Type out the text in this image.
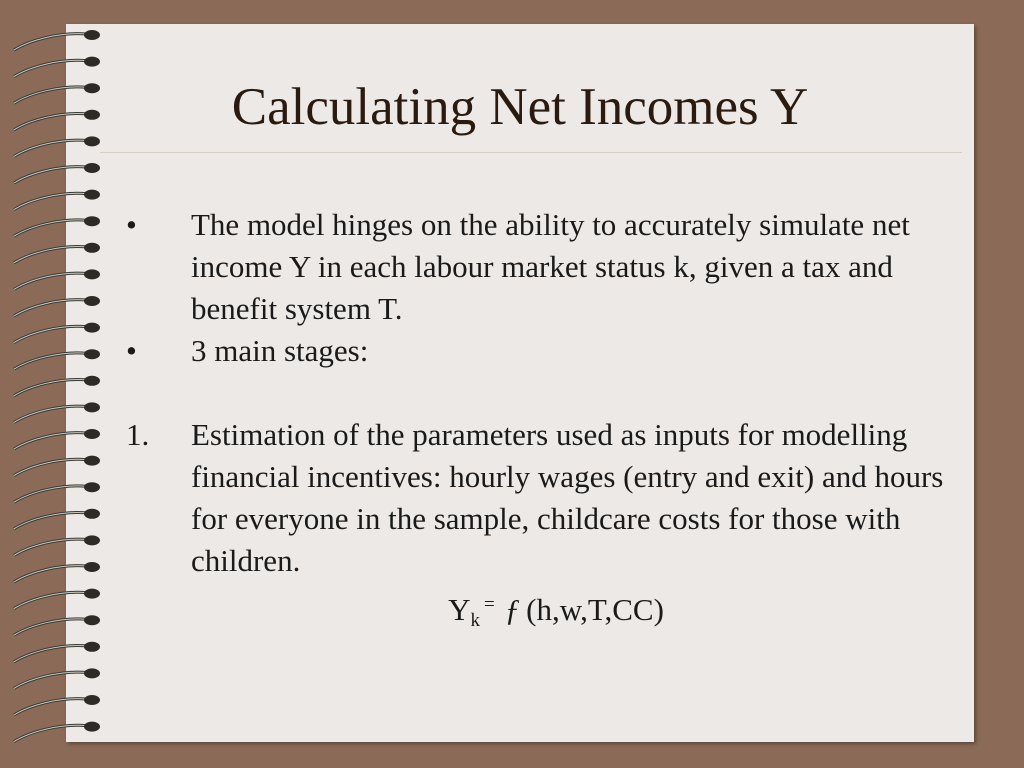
Calculating Net Incomes Y
•	The model hinges on the ability to accurately simulate net income Y in each labour market status k, given a tax and benefit system T.
•	3 main stages:
1.	Estimation of the parameters used as inputs for modelling financial incentives: hourly wages (entry and exit) and hours for everyone in the sample, childcare costs for those with children.
$Y_k^=$ ƒ (h,w,T,CC)
